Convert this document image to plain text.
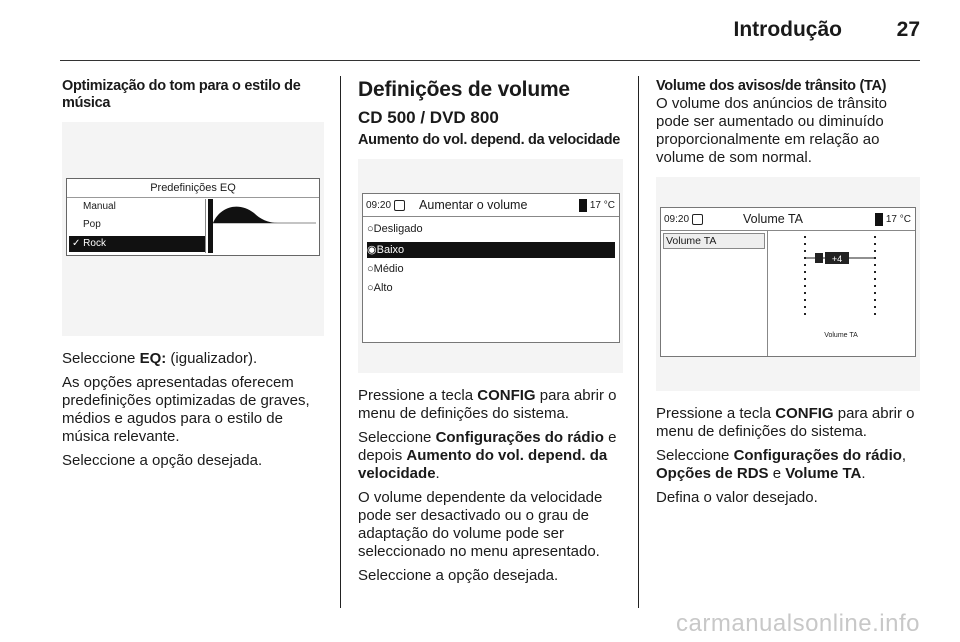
Introdução	27

Optimização do tom para o estilo de música

Predefinições EQ
Manual
Pop
✓ Rock

Seleccione EQ: (igualizador).

As opções apresentadas oferecem predefinições optimizadas de graves, médios e agudos para o estilo de música relevante.

Seleccione a opção desejada.

Definições de volume

CD 500 / DVD 800

Aumento do vol. depend. da velocidade

09:20 Aumentar o volume	17 °C
○Desligado
◉Baixo
○Médio
○Alto

Pressione a tecla CONFIG para abrir o menu de definições do sistema.

Seleccione Configurações do rádio e depois Aumento do vol. depend. da velocidade.

O volume dependente da velocidade pode ser desactivado ou o grau de adaptação do volume pode ser seleccionado no menu apresentado.

Seleccione a opção desejada.

Volume dos avisos/de trânsito (TA)

O volume dos anúncios de trânsito pode ser aumentado ou diminuído proporcionalmente em relação ao volume de som normal.

09:20	Volume TA	17 °C
Volume TA
+4
Volume TA

Pressione a tecla CONFIG para abrir o menu de definições do sistema.

Seleccione Configurações do rádio, Opções de RDS e Volume TA.

Defina o valor desejado.

carmanualsonline.info
